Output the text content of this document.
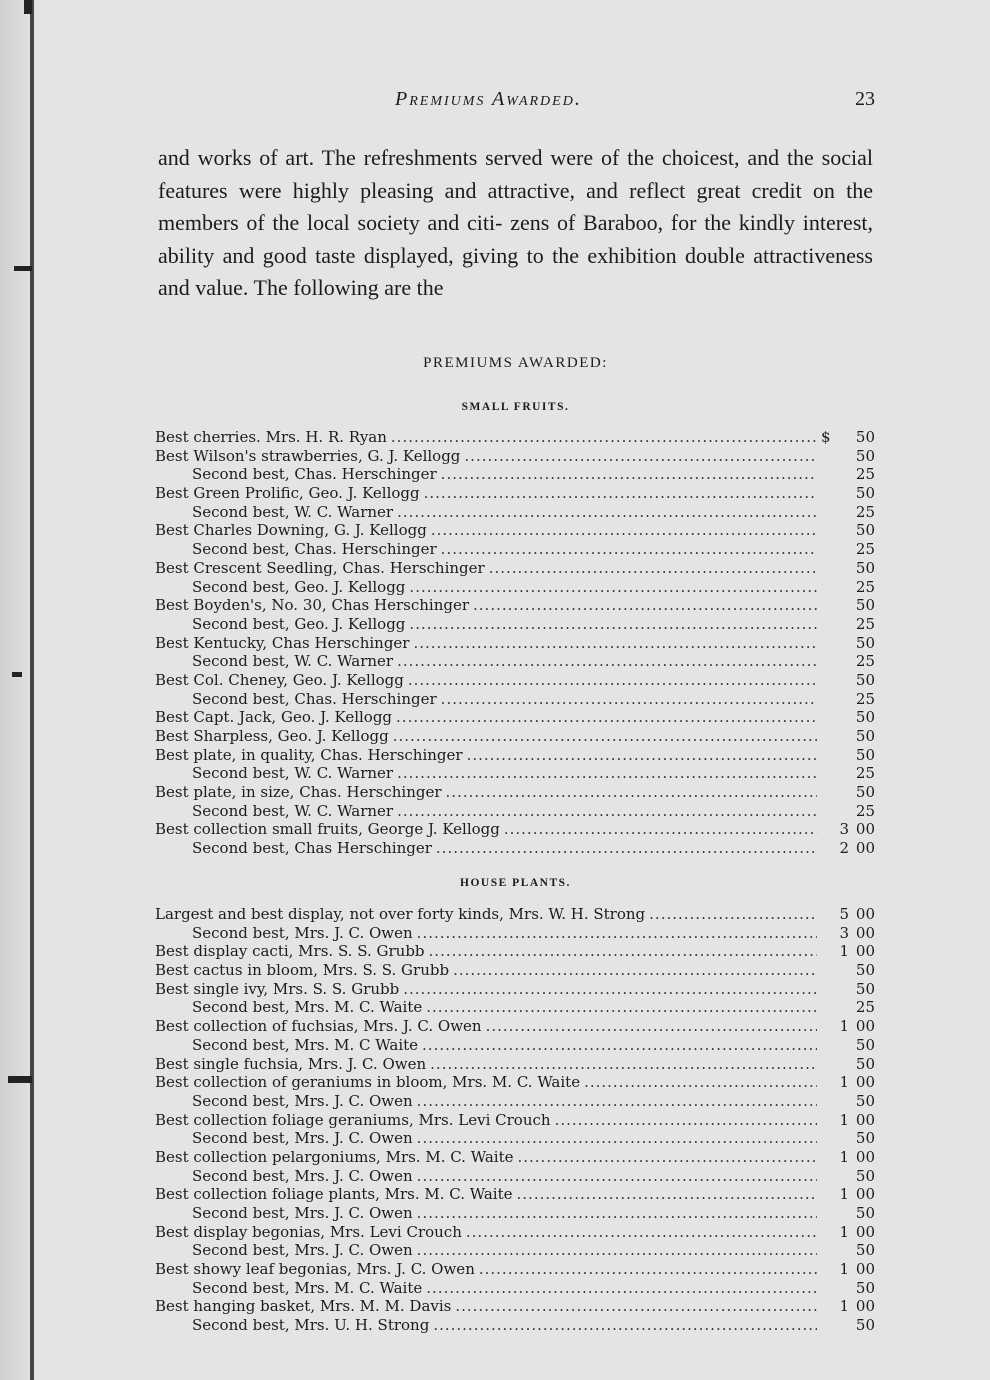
Premiums Awarded.	23

and works of art. The refreshments served were of the choicest, and the social features were highly pleasing and attractive, and reflect great credit on the members of the local society and citi- zens of Baraboo, for the kindly interest, ability and good taste displayed, giving to the exhibition double attractiveness and value. The following are the

PREMIUMS AWARDED:
SMALL FRUITS.
Best cherries. Mrs. H. R. Ryan .....	$ 50
Best Wilson's strawberries, G. J. Kellogg .....	50
Second best, Chas. Herschinger .....	25
Best Green Prolific, Geo. J. Kellogg .....	50
Second best, W. C. Warner .....	25
Best Charles Downing, G. J. Kellogg .....	50
Second best, Chas. Herschinger .....	25
Best Crescent Seedling, Chas. Herschinger .....	50
Second best, Geo. J. Kellogg .....	25
Best Boyden's, No. 30, Chas Herschinger .....	50
Second best, Geo. J. Kellogg .....	25
Best Kentucky, Chas Herschinger .....	50
Second best, W. C. Warner .....	25
Best Col. Cheney, Geo. J. Kellogg .....	50
Second best, Chas. Herschinger .....	25
Best Capt. Jack, Geo. J. Kellogg .....	50
Best Sharpless, Geo. J. Kellogg .....	50
Best plate, in quality, Chas. Herschinger .....	50
Second best, W. C. Warner .....	25
Best plate, in size, Chas. Herschinger .....	50
Second best, W. C. Warner .....	25
Best collection small fruits, George J. Kellogg .....	3 00
Second best, Chas Herschinger .....	2 00
HOUSE PLANTS.
Largest and best display, not over forty kinds, Mrs. W. H. Strong .....	5 00
Second best, Mrs. J. C. Owen .....	3 00
Best display cacti, Mrs. S. S. Grubb .....	1 00
Best cactus in bloom, Mrs. S. S. Grubb .....	50
Best single ivy, Mrs. S. S. Grubb .....	50
Second best, Mrs. M. C. Waite .....	25
Best collection of fuchsias, Mrs. J. C. Owen .....	1 00
Second best, Mrs. M. C Waite .....	50
Best single fuchsia, Mrs. J. C. Owen .....	50
Best collection of geraniums in bloom, Mrs. M. C. Waite .....	1 00
Second best, Mrs. J. C. Owen .....	50
Best collection foliage geraniums, Mrs. Levi Crouch .....	1 00
Second best, Mrs. J. C. Owen .....	50
Best collection pelargoniums, Mrs. M. C. Waite .....	1 00
Second best, Mrs. J. C. Owen .....	50
Best collection foliage plants, Mrs. M. C. Waite .....	1 00
Second best, Mrs. J. C. Owen .....	50
Best display begonias, Mrs. Levi Crouch .....	1 00
Second best, Mrs. J. C. Owen .....	50
Best showy leaf begonias, Mrs. J. C. Owen .....	1 00
Second best, Mrs. M. C. Waite .....	50
Best hanging basket, Mrs. M. M. Davis .....	1 00
Second best, Mrs. U. H. Strong .....	50
